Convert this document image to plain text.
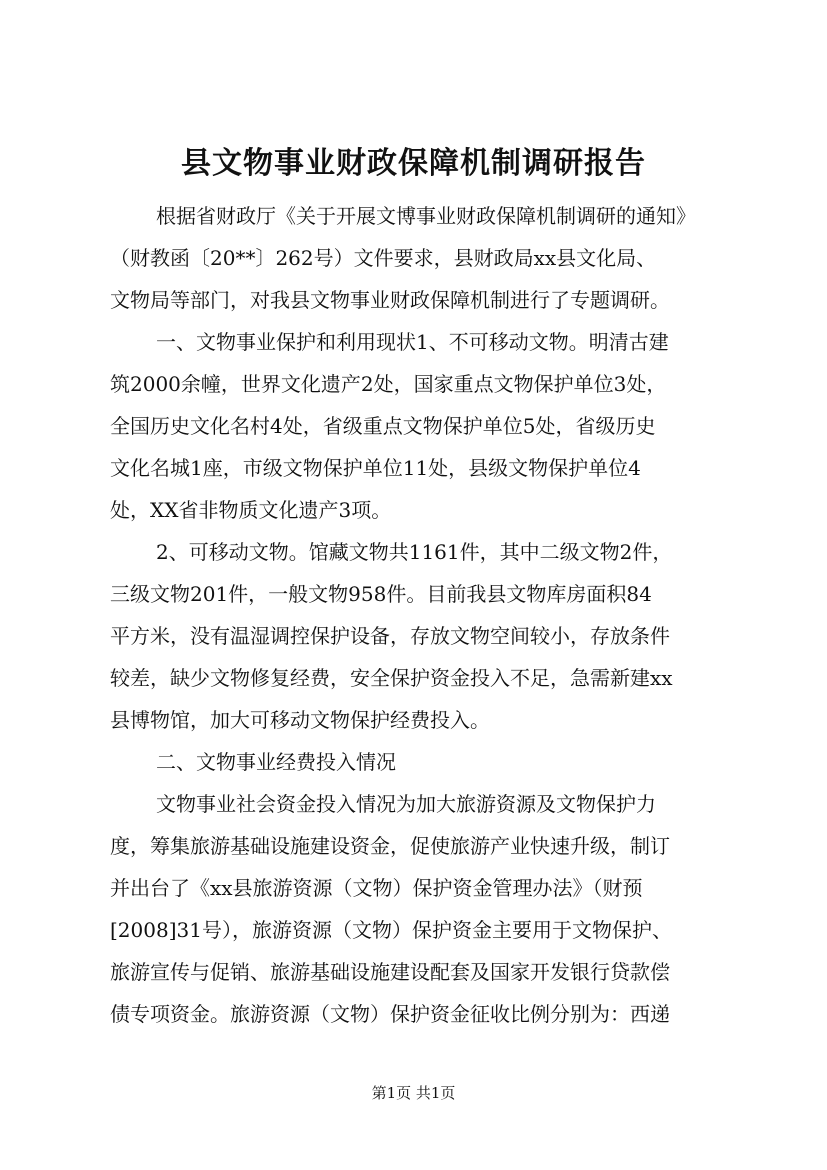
县文物事业财政保障机制调研报告
根据省财政厅《关于开展文博事业财政保障机制调研的通知》
（财教函〔20**〕262号）文件要求，县财政局xx县文化局、
文物局等部门，对我县文物事业财政保障机制进行了专题调研。
一、文物事业保护和利用现状1、不可移动文物。明清古建
筑2000余幢，世界文化遗产2处，国家重点文物保护单位3处，
全国历史文化名村4处，省级重点文物保护单位5处，省级历史
文化名城1座，市级文物保护单位11处，县级文物保护单位4
处，XX省非物质文化遗产3项。
2、可移动文物。馆藏文物共1161件，其中二级文物2件，
三级文物201件，一般文物958件。目前我县文物库房面积84
平方米，没有温湿调控保护设备，存放文物空间较小，存放条件
较差，缺少文物修复经费，安全保护资金投入不足，急需新建xx
县博物馆，加大可移动文物保护经费投入。
二、文物事业经费投入情况
文物事业社会资金投入情况为加大旅游资源及文物保护力
度，筹集旅游基础设施建设资金，促使旅游产业快速升级，制订
并出台了《xx县旅游资源（文物）保护资金管理办法》（财预
[2008]31号），旅游资源（文物）保护资金主要用于文物保护、
旅游宣传与促销、旅游基础设施建设配套及国家开发银行贷款偿
债专项资金。旅游资源（文物）保护资金征收比例分别为：西递
第1页 共1页
